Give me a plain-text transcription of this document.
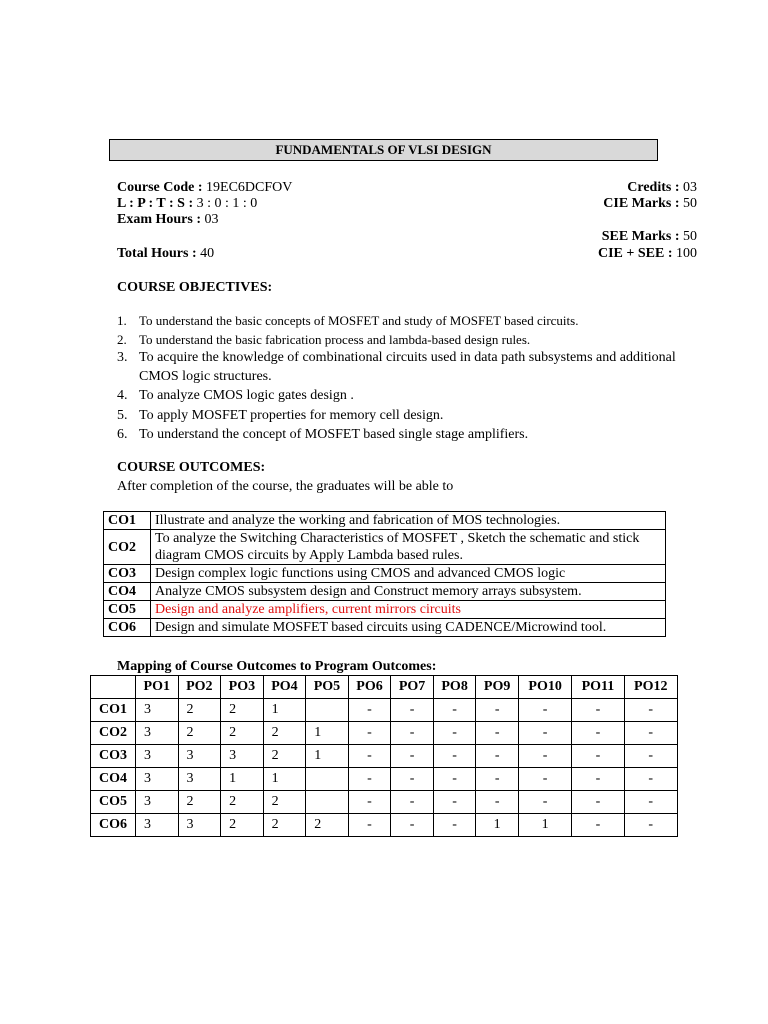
FUNDAMENTALS OF VLSI DESIGN
Course Code : 19EC6DCFOV	Credits : 03
L : P : T : S : 3 : 0 : 1 : 0	CIE Marks : 50
Exam Hours : 03
SEE Marks : 50
Total Hours : 40	CIE + SEE : 100
COURSE OBJECTIVES:
1. To understand the basic concepts of MOSFET and study of MOSFET based circuits.
2. To understand the basic fabrication process and lambda-based design rules.
3. To acquire the knowledge of combinational circuits used in data path subsystems and additional CMOS logic structures.
4. To analyze CMOS logic gates design .
5. To apply MOSFET properties for memory cell design.
6. To understand the concept of MOSFET based single stage amplifiers.
COURSE OUTCOMES:
After completion of the course, the graduates will be able to
CO1	Illustrate and analyze the working and fabrication of MOS technologies.
CO2	To analyze the Switching Characteristics of MOSFET , Sketch the schematic and stick diagram CMOS circuits by Apply Lambda based rules.
CO3	Design complex logic functions using CMOS and advanced CMOS logic
CO4	Analyze CMOS subsystem design and Construct memory arrays subsystem.
CO5	Design and analyze amplifiers, current mirrors circuits
CO6	Design and simulate MOSFET based circuits using CADENCE/Microwind tool.
Mapping of Course Outcomes to Program Outcomes:
	PO1	PO2	PO3	PO4	PO5	PO6	PO7	PO8	PO9	PO10	PO11	PO12
CO1	3	2	2	1		-	-	-	-	-	-	-
CO2	3	2	2	2	1	-	-	-	-	-	-	-
CO3	3	3	3	2	1	-	-	-	-	-	-	-
CO4	3	3	1	1		-	-	-	-	-	-	-
CO5	3	2	2	2		-	-	-	-	-	-	-
CO6	3	3	2	2	2	-	-	-	1	1	-	-
